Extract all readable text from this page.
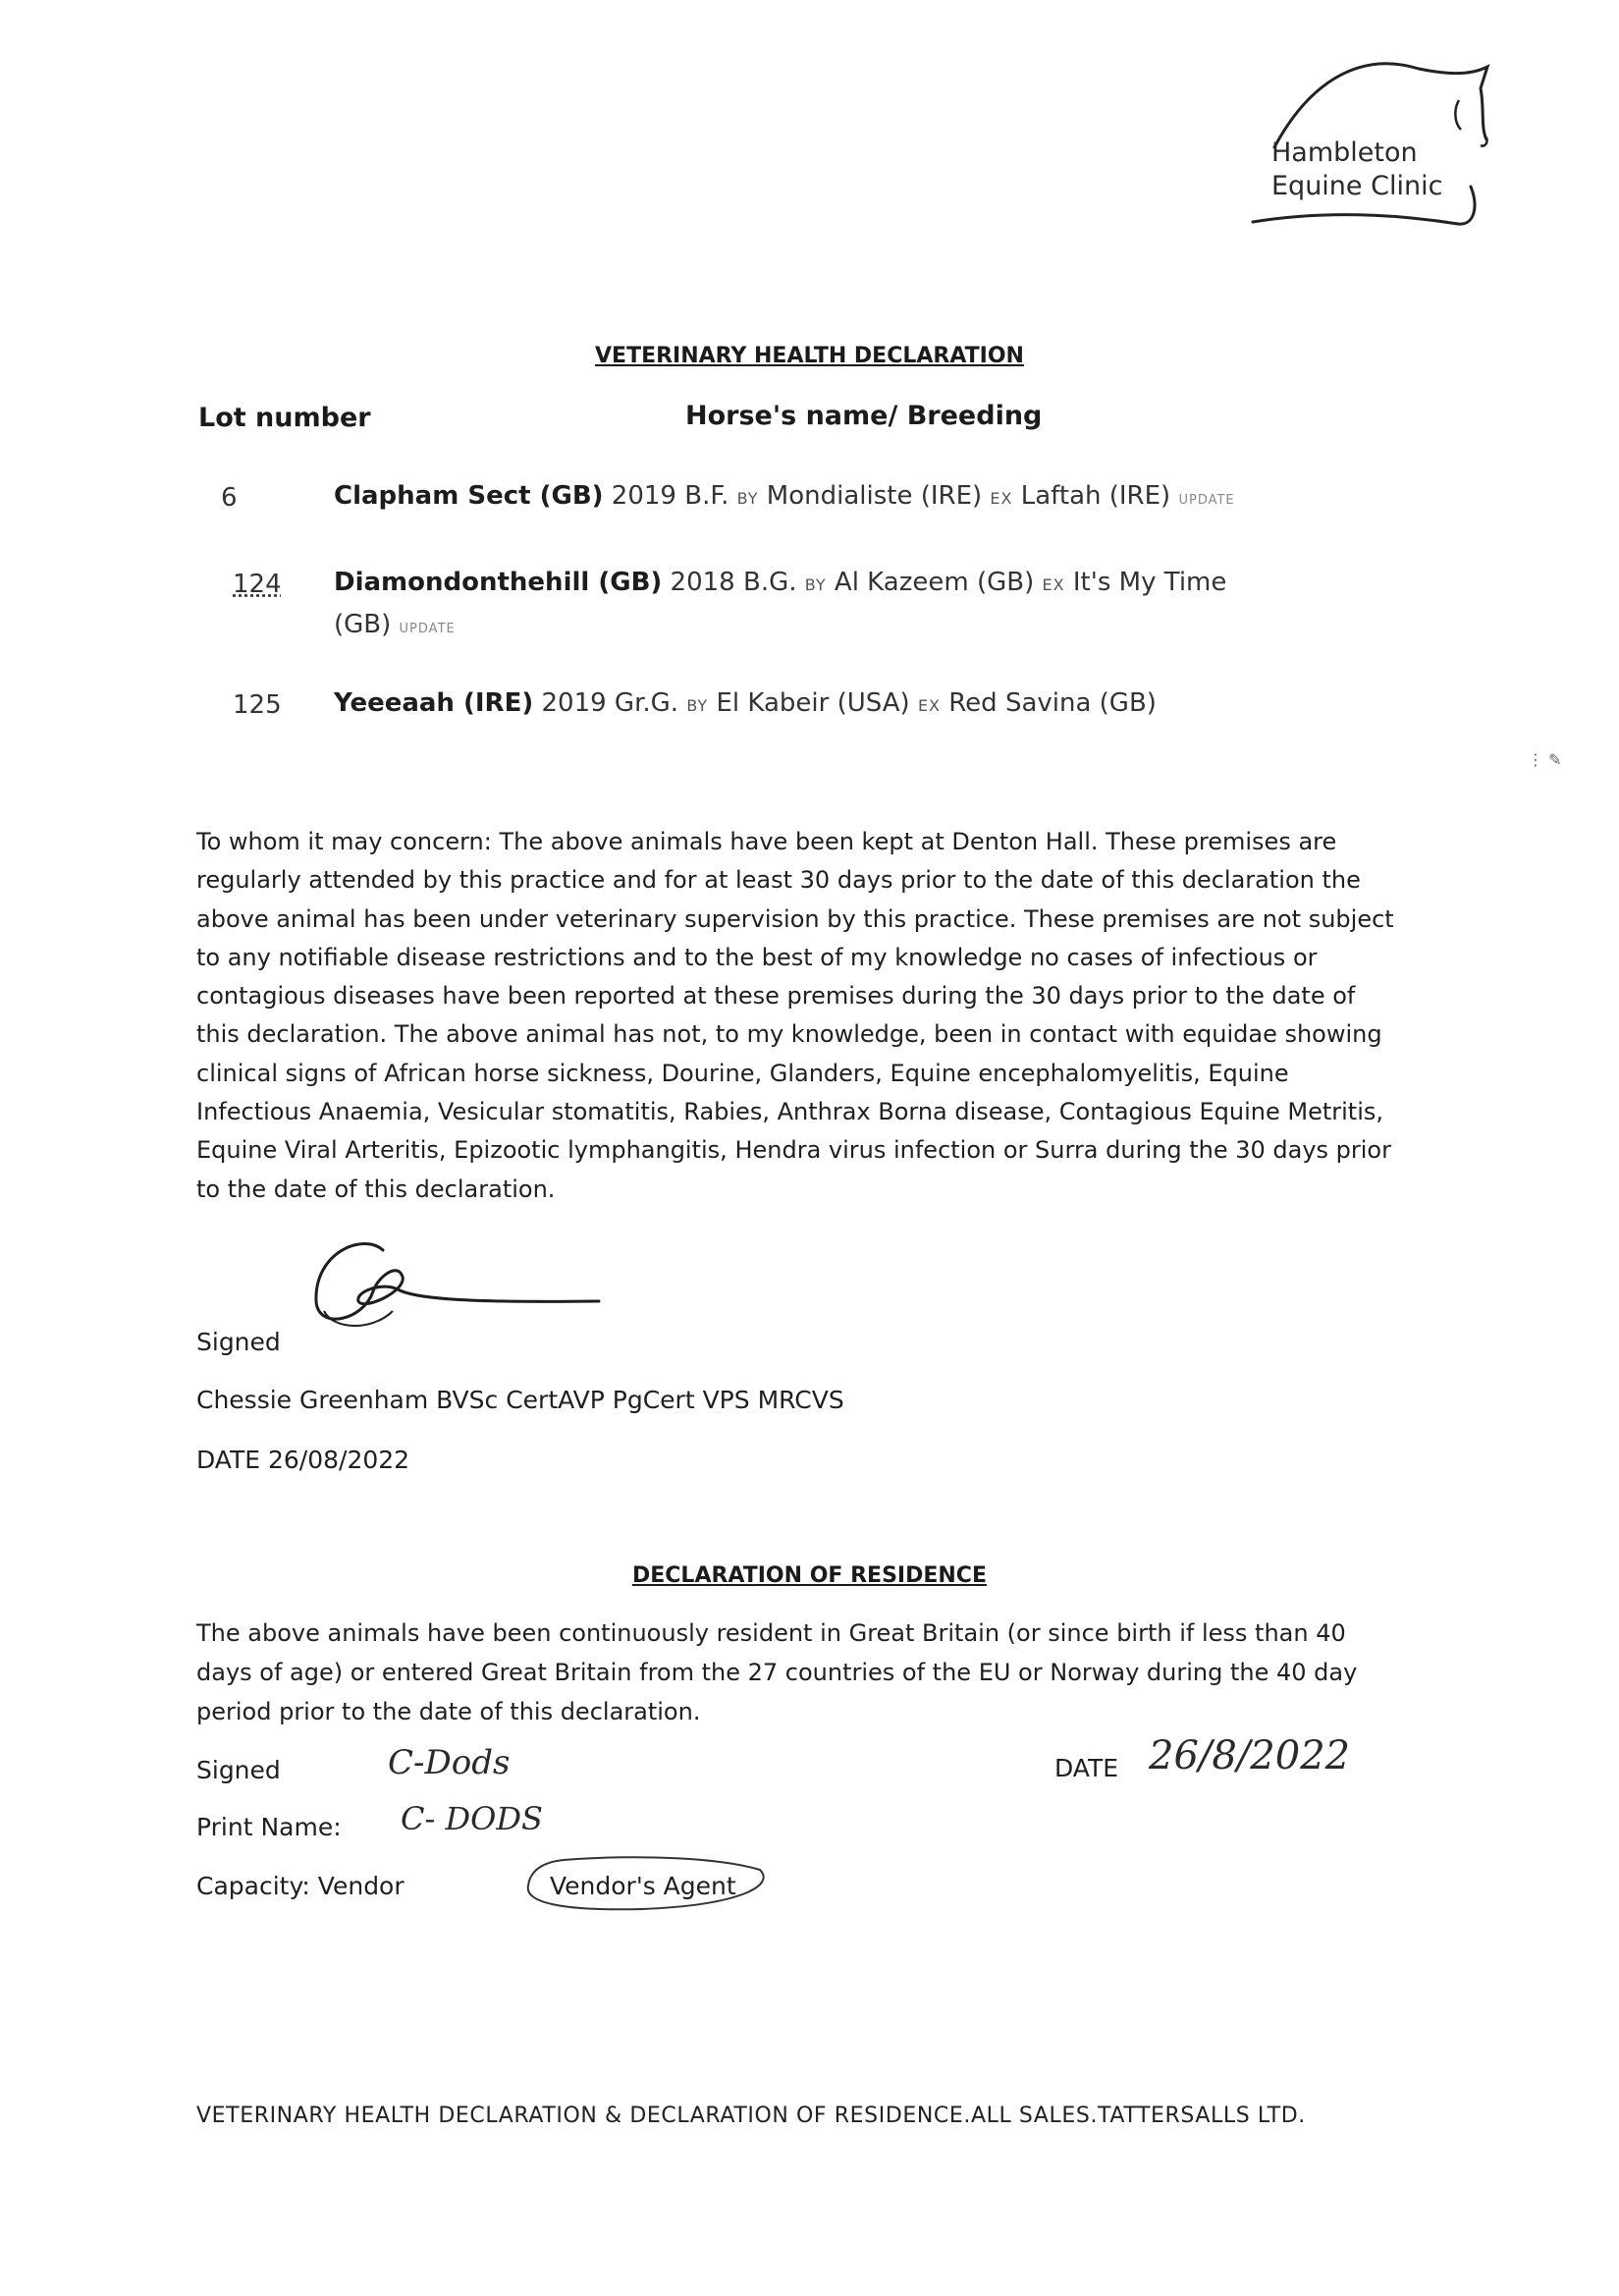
Hambleton
Equine Clinic
VETERINARY HEALTH DECLARATION
Lot number	Horse's name/ Breeding
6	Clapham Sect (GB) 2019 B.F. BY Mondialiste (IRE) EX Laftah (IRE) UPDATE
124 Diamondonthehill (GB) 2018 B.G. BY Al Kazeem (GB) EX It's My Time
(GB) UPDATE
125 Yeeeaah (IRE) 2019 Gr.G. BY El Kabeir (USA) EX Red Savina (GB)
⋮ ✎
To whom it may concern: The above animals have been kept at Denton Hall. These premises are regularly attended by this practice and for at least 30 days prior to the date of this declaration the above animal has been under veterinary supervision by this practice. These premises are not subject to any notifiable disease restrictions and to the best of my knowledge no cases of infectious or contagious diseases have been reported at these premises during the 30 days prior to the date of this declaration. The above animal has not, to my knowledge, been in contact with equidae showing clinical signs of African horse sickness, Dourine, Glanders, Equine encephalomyelitis, Equine Infectious Anaemia, Vesicular stomatitis, Rabies, Anthrax Borna disease, Contagious Equine Metritis, Equine Viral Arteritis, Epizootic lymphangitis, Hendra virus infection or Surra during the 30 days prior to the date of this declaration.
Signed
Chessie Greenham BVSc CertAVP PgCert VPS MRCVS
DATE 26/08/2022
DECLARATION OF RESIDENCE
The above animals have been continuously resident in Great Britain (or since birth if less than 40 days of age) or entered Great Britain from the 27 countries of the EU or Norway during the 40 day period prior to the date of this declaration.
Signed	C-Dods	DATE 26/8/2022
Print Name: C- DODS
Capacity: Vendor	Vendor's Agent
VETERINARY HEALTH DECLARATION & DECLARATION OF RESIDENCE.ALL SALES.TATTERSALLS LTD.
